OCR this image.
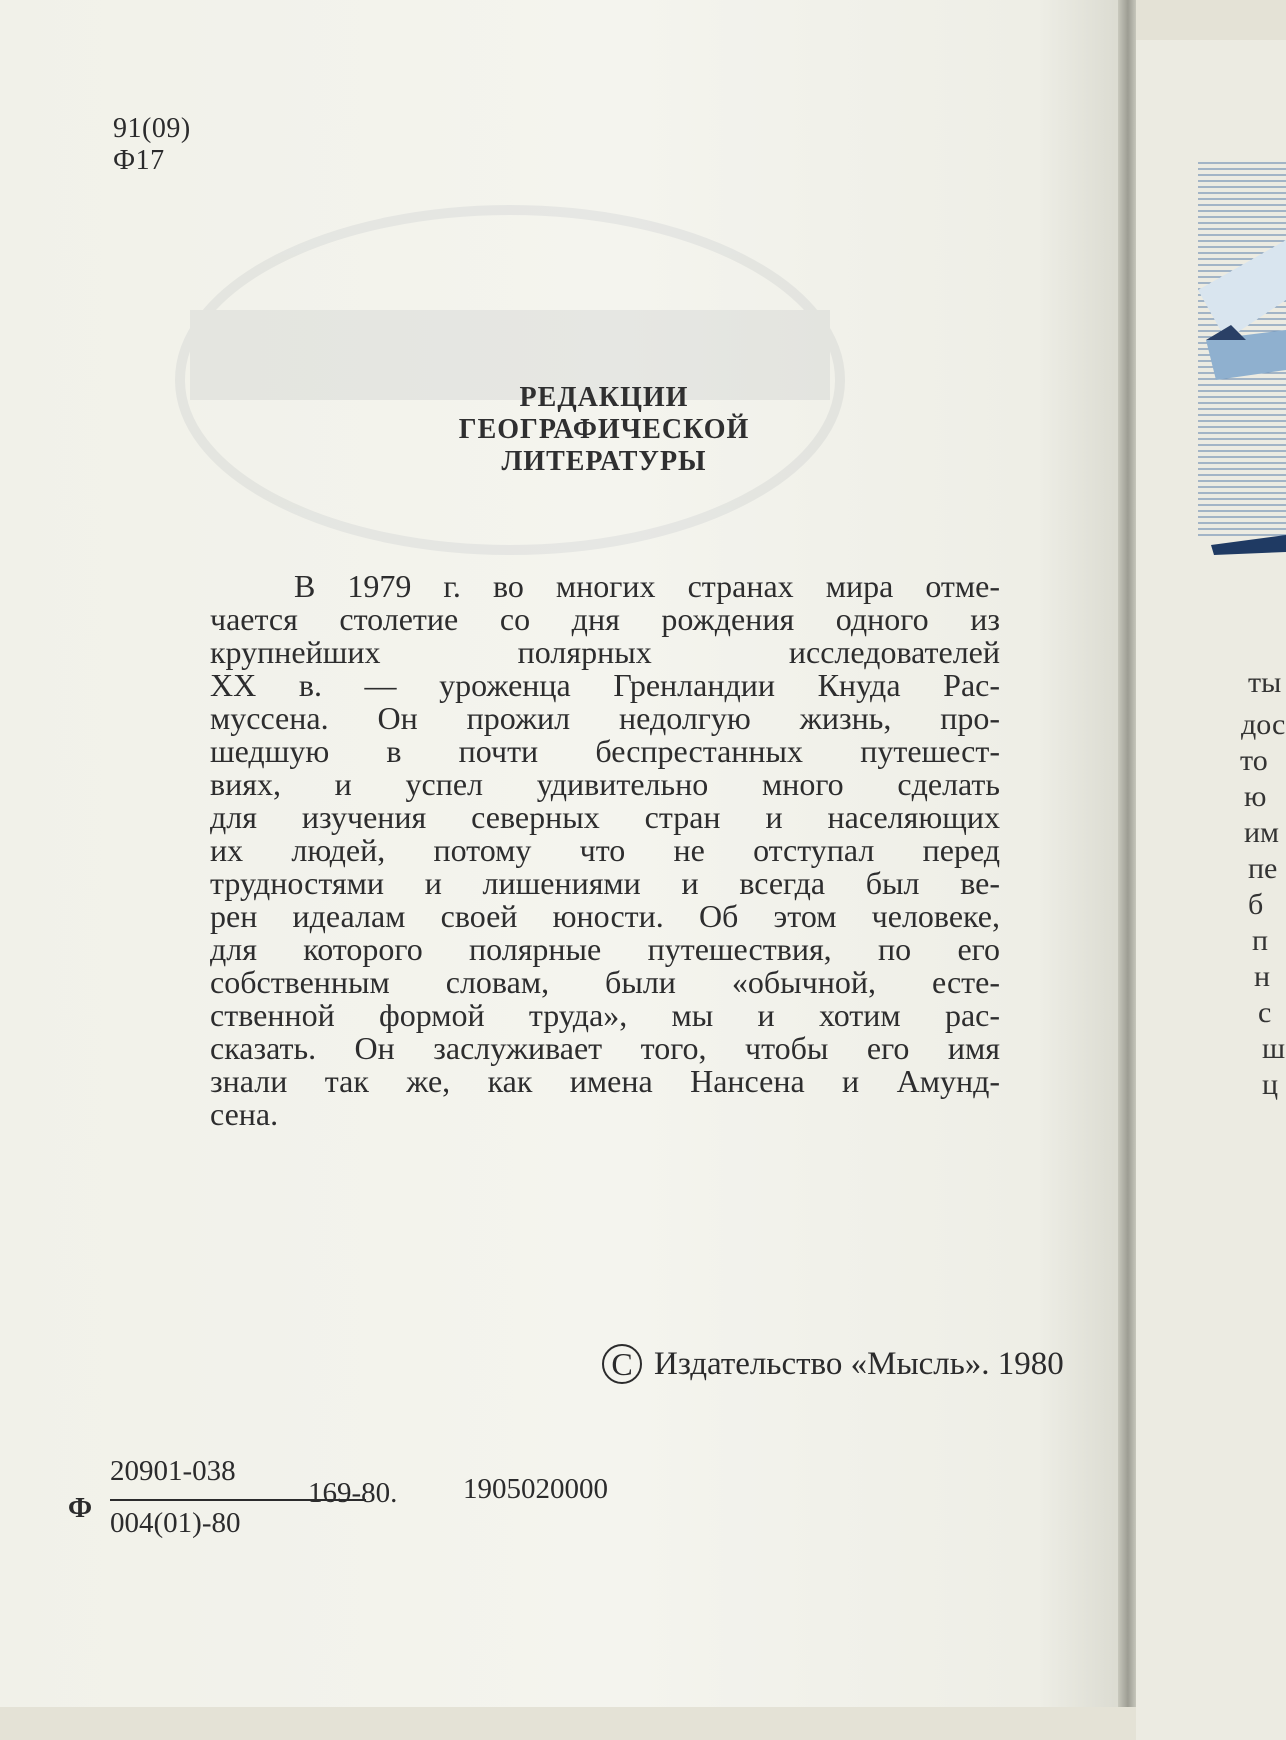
91(09)
Ф17
РЕДАКЦИИ
ГЕОГРАФИЧЕСКОЙ
ЛИТЕРАТУРЫ
В 1979 г. во многих странах мира отме-
чается столетие со дня рождения одного из
крупнейших полярных исследователей
XX в. — уроженца Гренландии Кнуда Рас-
муссена. Он прожил недолгую жизнь, про-
шедшую в почти беспрестанных путешест-
виях, и успел удивительно много сделать
для изучения северных стран и населяющих
их людей, потому что не отступал перед
трудностями и лишениями и всегда был ве-
рен идеалам своей юности. Об этом человеке,
для которого полярные путешествия, по его
собственным словам, были «обычной, есте-
ственной формой труда», мы и хотим рас-
сказать. Он заслуживает того, чтобы его имя
знали так же, как имена Нансена и Амунд-
сена.
C Издательство «Мысль». 1980
Ф
20901-038
004(01)-80
169-80. 1905020000
ты
дос
то
ю
им
пе
б
п
н
с
ш
ц
